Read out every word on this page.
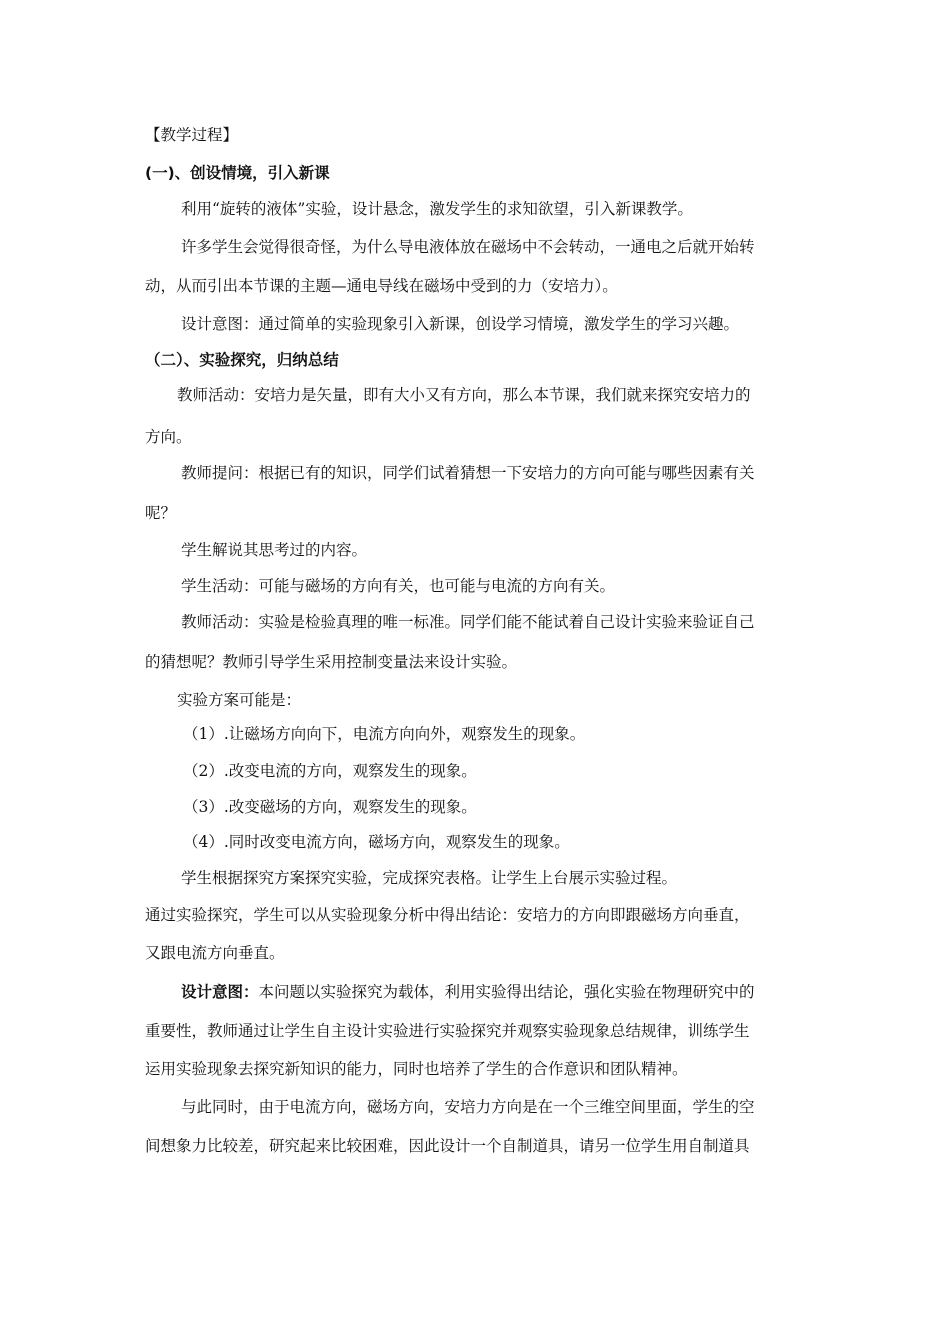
【教学过程】
(一)、创设情境，引入新课
利用“旋转的液体”实验，设计悬念，激发学生的求知欲望，引入新课教学。
许多学生会觉得很奇怪，为什么导电液体放在磁场中不会转动，一通电之后就开始转
动，从而引出本节课的主题—通电导线在磁场中受到的力（安培力）。
设计意图：通过简单的实验现象引入新课，创设学习情境，激发学生的学习兴趣。
（二）、实验探究，归纳总结
教师活动：安培力是矢量，即有大小又有方向，那么本节课，我们就来探究安培力的
方向。
教师提问：根据已有的知识，同学们试着猜想一下安培力的方向可能与哪些因素有关
呢？
学生解说其思考过的内容。
学生活动：可能与磁场的方向有关，也可能与电流的方向有关。
教师活动：实验是检验真理的唯一标准。同学们能不能试着自己设计实验来验证自己
的猜想呢？教师引导学生采用控制变量法来设计实验。
实验方案可能是：
（1）.让磁场方向向下，电流方向向外，观察发生的现象。
（2）.改变电流的方向，观察发生的现象。
（3）.改变磁场的方向，观察发生的现象。
（4）.同时改变电流方向，磁场方向，观察发生的现象。
学生根据探究方案探究实验，完成探究表格。让学生上台展示实验过程。
通过实验探究，学生可以从实验现象分析中得出结论：安培力的方向即跟磁场方向垂直，
又跟电流方向垂直。
设计意图：本问题以实验探究为载体，利用实验得出结论，强化实验在物理研究中的
重要性，教师通过让学生自主设计实验进行实验探究并观察实验现象总结规律，训练学生
运用实验现象去探究新知识的能力，同时也培养了学生的合作意识和团队精神。
与此同时，由于电流方向，磁场方向，安培力方向是在一个三维空间里面，学生的空
间想象力比较差，研究起来比较困难，因此设计一个自制道具，请另一位学生用自制道具
